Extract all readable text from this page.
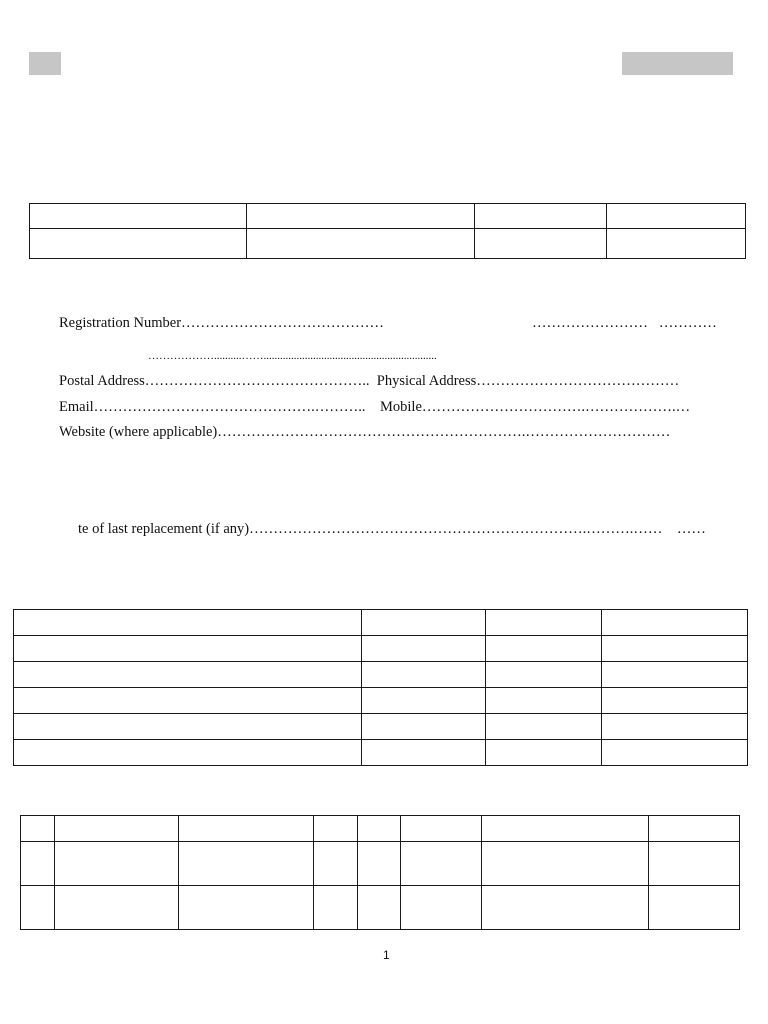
Registration Number……………………………………	…………………… …………
………………..........……...............................................................
Postal Address……………………………………….. Physical Address……………………………………
Email……………………………………….……….. Mobile…………………………….……………….…
Website (where applicable)……………………………………………………….…………………………
te of last replacement (if any)…………………………………………………………….……….…… ……

1
